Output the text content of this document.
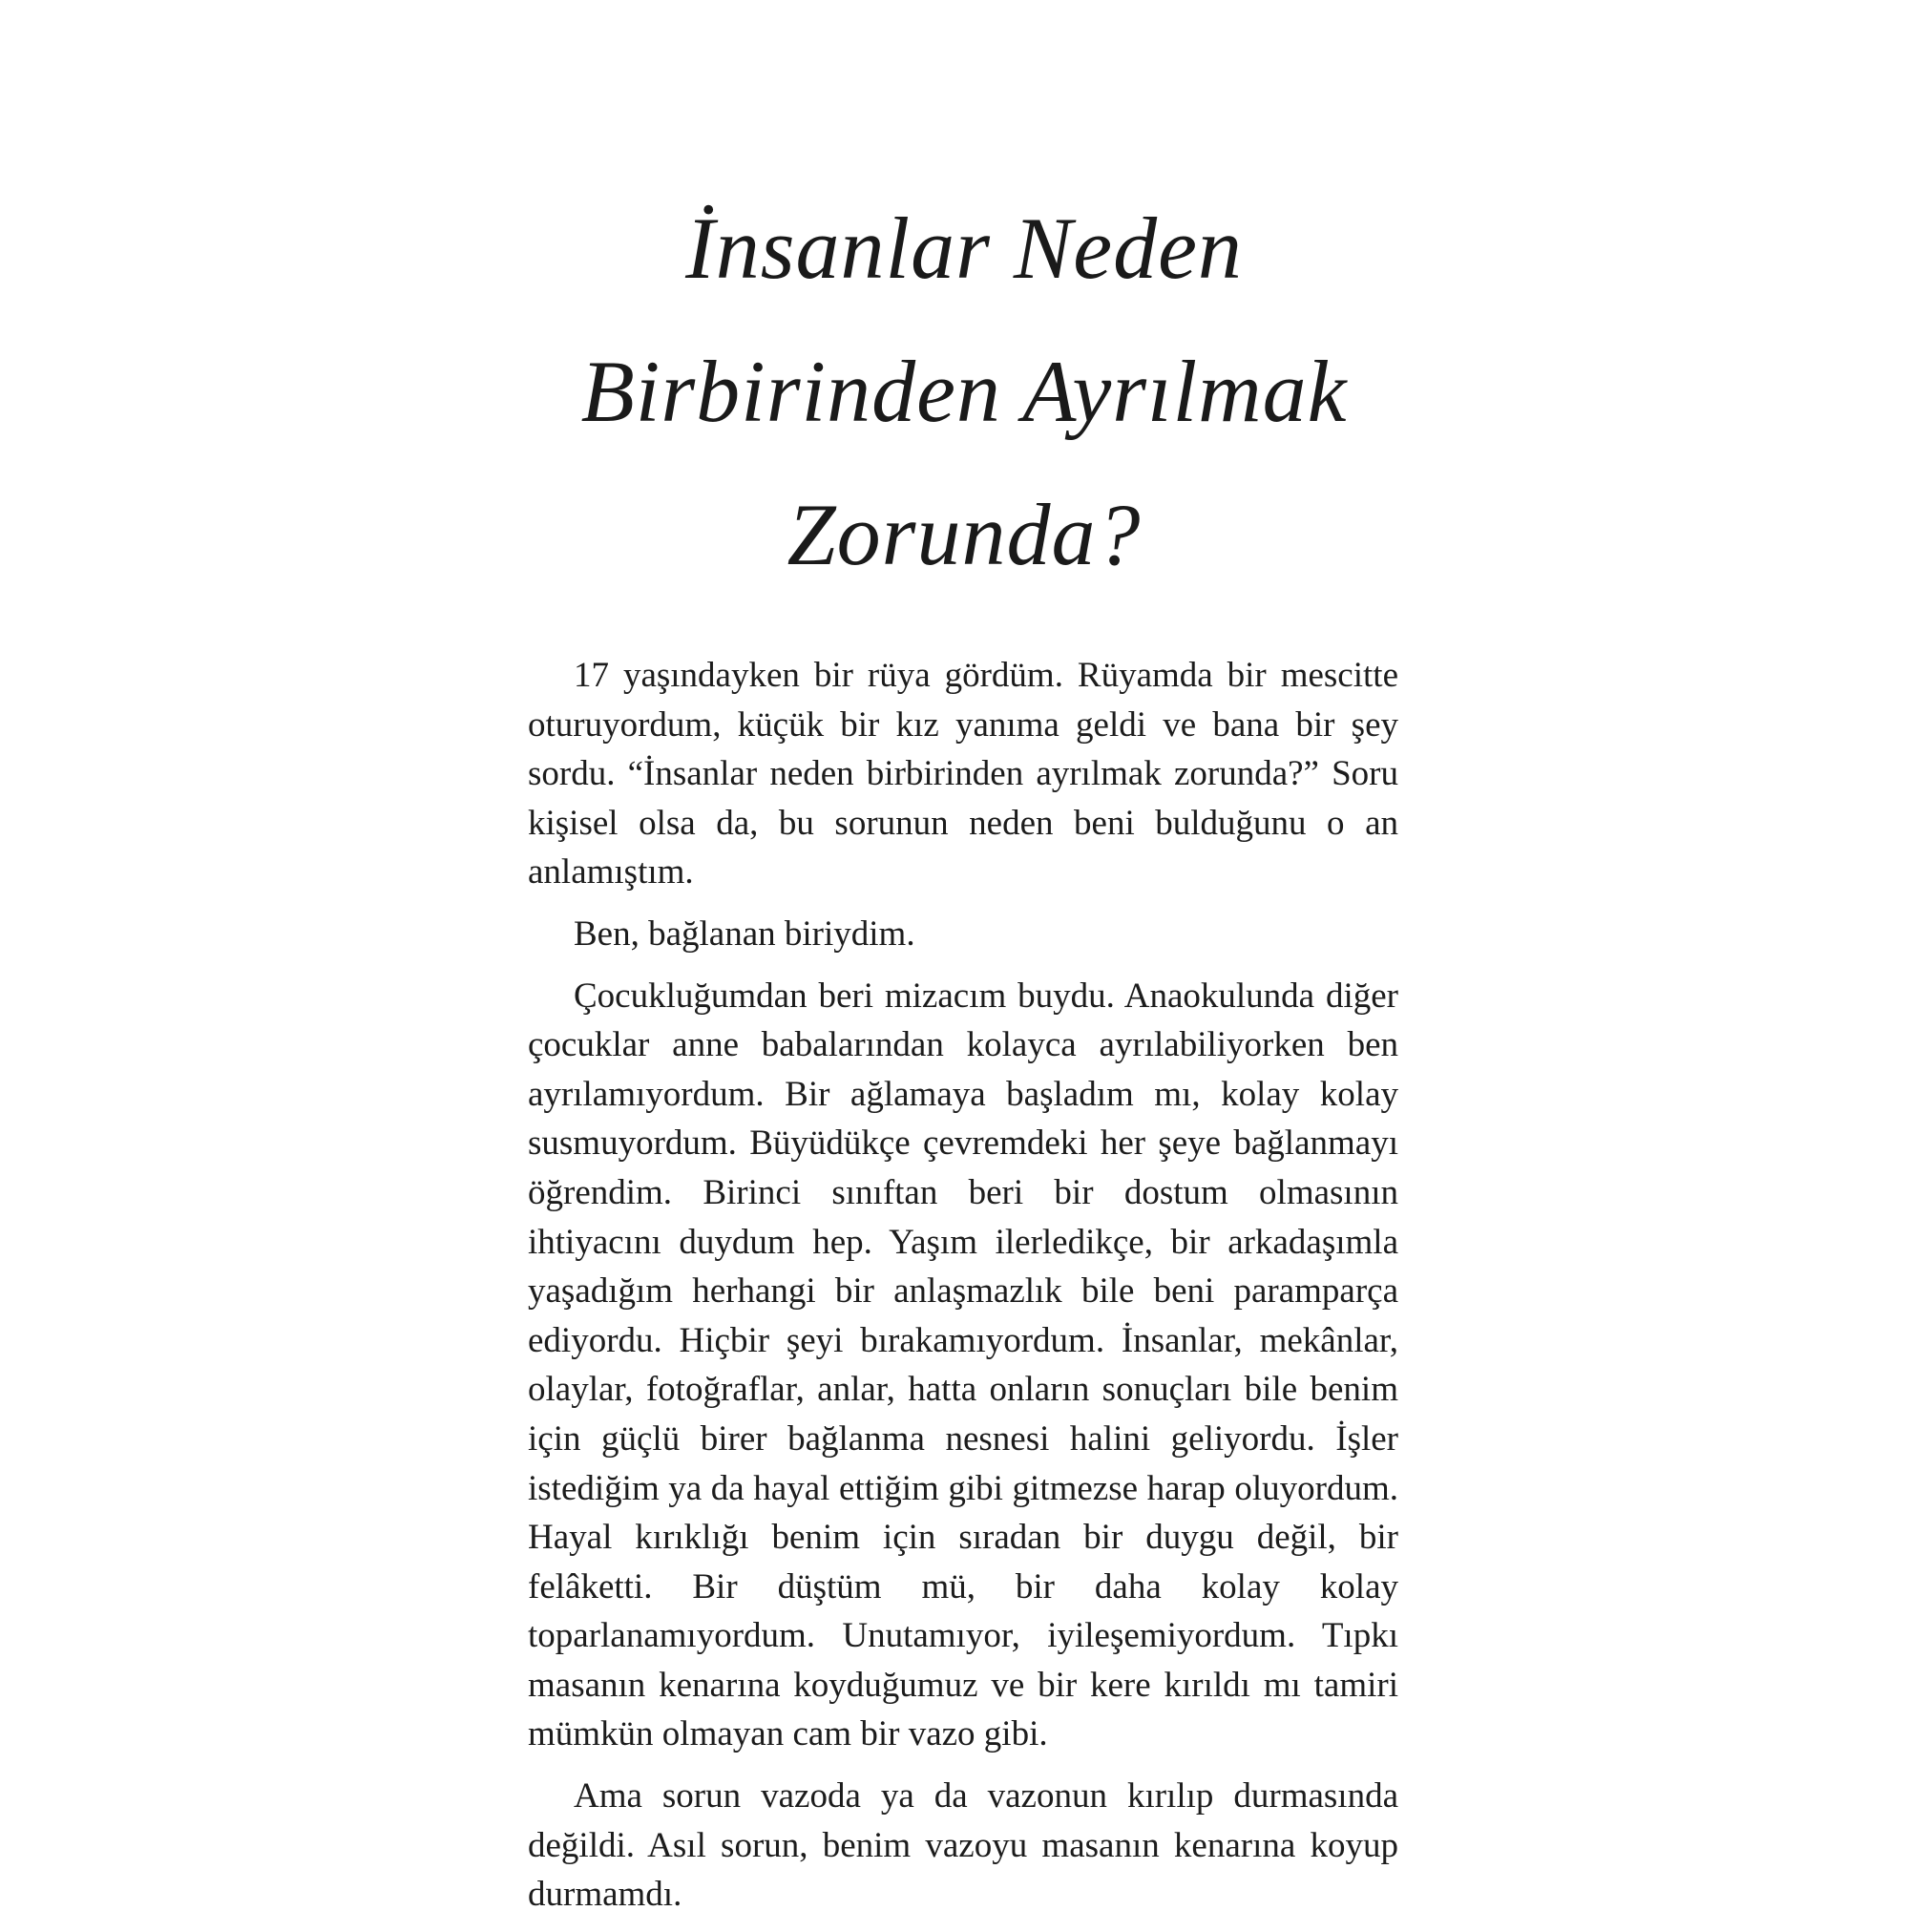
İnsanlar Neden
Birbirinden Ayrılmak
Zorunda?

17 yaşındayken bir rüya gördüm. Rüyamda bir mescitte oturuyordum, küçük bir kız yanıma geldi ve bana bir şey sordu. “İnsanlar neden birbirinden ayrılmak zorunda?” Soru kişisel olsa da, bu sorunun neden beni bulduğunu o an anlamıştım.

Ben, bağlanan biriydim.

Çocukluğumdan beri mizacım buydu. Anaokulunda diğer çocuklar anne babalarından kolayca ayrılabiliyorken ben ayrılamıyordum. Bir ağlamaya başladım mı, kolay kolay susmuyordum. Büyüdükçe çevremdeki her şeye bağlanmayı öğrendim. Birinci sınıftan beri bir dostum olmasının ihtiyacını duydum hep. Yaşım ilerledikçe, bir arkadaşımla yaşadığım herhangi bir anlaşmazlık bile beni paramparça ediyordu. Hiçbir şeyi bırakamıyordum. İnsanlar, mekânlar, olaylar, fotoğraflar, anlar, hatta onların sonuçları bile benim için güçlü birer bağlanma nesnesi halini geliyordu. İşler istediğim ya da hayal ettiğim gibi gitmezse harap oluyordum. Hayal kırıklığı benim için sıradan bir duygu değil, bir felâketti. Bir düştüm mü, bir daha kolay kolay toparlanamıyordum. Unutamıyor, iyileşemiyordum. Tıpkı masanın kenarına koyduğumuz ve bir kere kırıldı mı tamiri mümkün olmayan cam bir vazo gibi.

Ama sorun vazoda ya da vazonun kırılıp durmasında değildi. Asıl sorun, benim vazoyu masanın kenarına koyup durmamdı.
